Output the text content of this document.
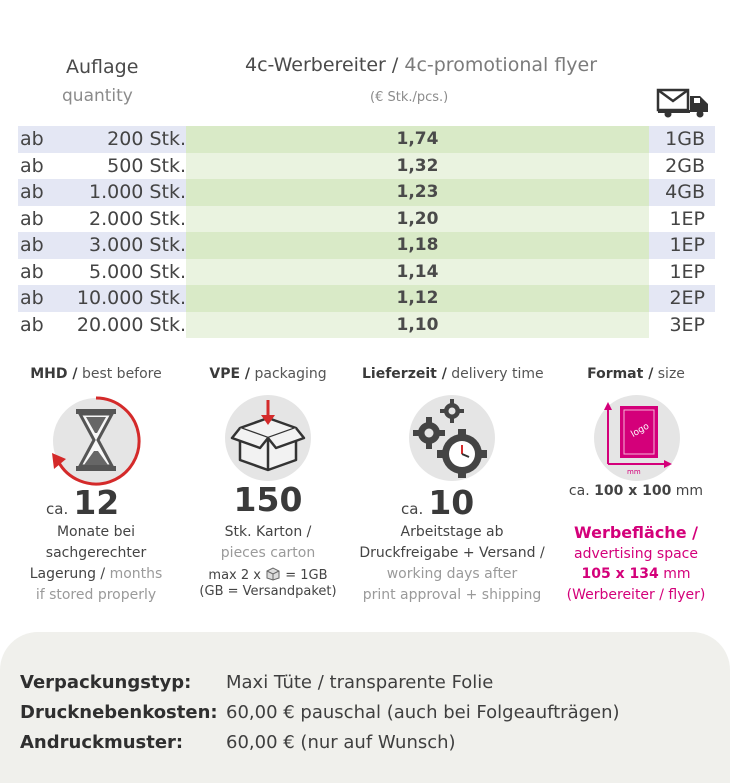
Auflage
quantity
4c-Werbereiter / 4c-promotional flyer
(€ Stk./pcs.)
ab	200 Stk.	1,74	1GB
ab	500 Stk.	1,32	2GB
ab	1.000 Stk.	1,23	4GB
ab	2.000 Stk.	1,20	1EP
ab	3.000 Stk.	1,18	1EP
ab	5.000 Stk.	1,14	1EP
ab	10.000 Stk.	1,12	2EP
ab	20.000 Stk.	1,10	3EP
MHD / best before
ca. 12
Monate bei
sachgerechter
Lagerung / months
if stored properly
VPE / packaging
150
Stk. Karton /
pieces carton
max 2 x = 1GB
(GB = Versandpaket)
Lieferzeit / delivery time
ca. 10
Arbeitstage ab
Druckfreigabe + Versand /
working days after
print approval + shipping
Format / size
logo
mm
ca. 100 x 100 mm
Werbefläche /
advertising space
105 x 134 mm
(Werbereiter / flyer)
Verpackungstyp: Maxi Tüte / transparente Folie
Drucknebenkosten: 60,00 € pauschal (auch bei Folgeaufträgen)
Andruckmuster: 60,00 € (nur auf Wunsch)
